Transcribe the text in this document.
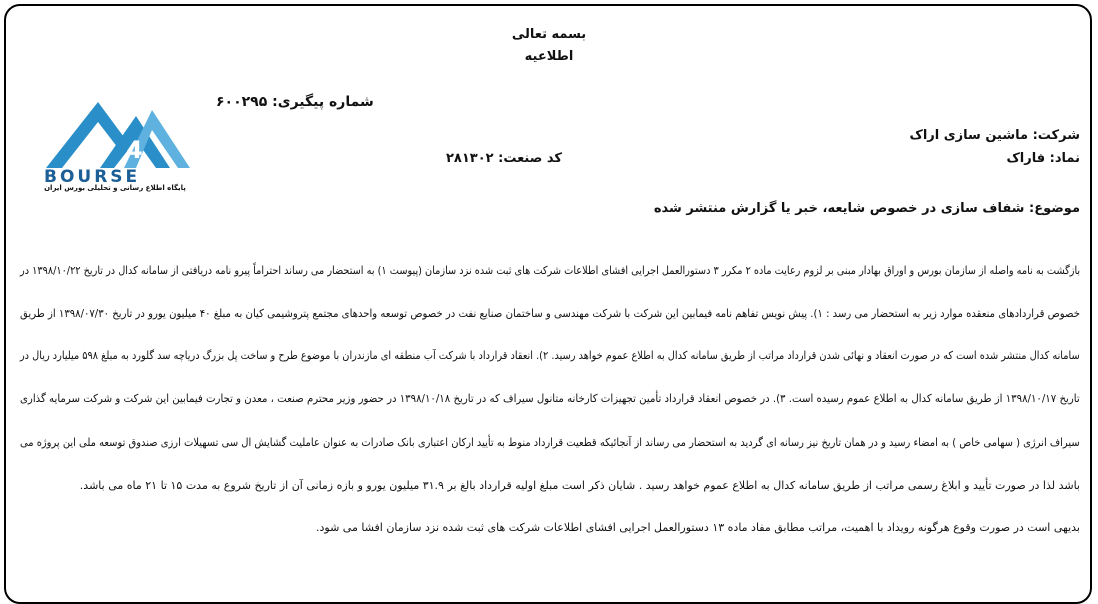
بسمه تعالی
اطلاعیه
شماره پیگیری: ۶۰۰۲۹۵
شرکت: ماشین سازی اراک
نماد: فاراک
کد صنعت: ۲۸۱۳۰۲
موضوع: شفاف سازی در خصوص شایعه، خبر یا گزارش منتشر شده
2 4
BOURSE
پایگاه اطلاع رسانی و تحلیلی بورس ایران
بازگشت به نامه واصله از سازمان بورس و اوراق بهادار مبنی بر لزوم رعایت ماده ۲ مکرر ۳ دستورالعمل اجرایی افشای اطلاعات شرکت های ثبت شده نزد سازمان (پیوست ۱) به استحضار می رساند احتراماً پیرو نامه دریافتی از سامانه کدال در تاریخ ۱۳۹۸/۱۰/۲۲ در
خصوص قراردادهای منعقده موارد زیر به استحضار می رسد : ۱). پیش نویس تفاهم نامه فیمابین این شرکت با شرکت مهندسی و ساختمان صنایع نفت در خصوص توسعه واحدهای مجتمع پتروشیمی کیان به مبلغ ۴۰ میلیون یورو در تاریخ ۱۳۹۸/۰۷/۳۰ از طریق
سامانه کدال منتشر شده است که در صورت انعقاد و نهائی شدن قرارداد مراتب از طریق سامانه کدال به اطلاع عموم خواهد رسید. ۲). انعقاد قرارداد با شرکت آب منطقه ای مازندران با موضوع طرح و ساخت پل بزرگ دریاچه سد گلورد به مبلغ ۵۹۸ میلیارد ریال در
تاریخ ۱۳۹۸/۱۰/۱۷ از طریق سامانه کدال به اطلاع عموم رسیده است. ۳). در خصوص انعقاد قرارداد تأمین تجهیزات کارخانه متانول سیراف که در تاریخ ۱۳۹۸/۱۰/۱۸ در حضور وزیر محترم صنعت ، معدن و تجارت فیمابین این شرکت و شرکت سرمایه گذاری
سیراف انرژی ( سهامی خاص ) به امضاء رسید و در همان تاریخ نیز رسانه ای گردید به استحضار می رساند از آنجائیکه قطعیت قرارداد منوط به تأیید ارکان اعتباری بانک صادرات به عنوان عاملیت گشایش ال سی تسهیلات ارزی صندوق توسعه ملی این پروژه می
باشد لذا در صورت تأیید و ابلاغ رسمی مراتب از طریق سامانه کدال به اطلاع عموم خواهد رسید . شایان ذکر است مبلغ اولیه قرارداد بالغ بر ۳۱.۹ میلیون یورو و بازه زمانی آن از تاریخ شروع به مدت ۱۵ تا ۲۱ ماه می باشد.
بدیهی است در صورت وقوع هرگونه رویداد با اهمیت، مراتب مطابق مفاد ماده ۱۳ دستورالعمل اجرایی افشای اطلاعات شرکت های ثبت شده نزد سازمان افشا می شود.
